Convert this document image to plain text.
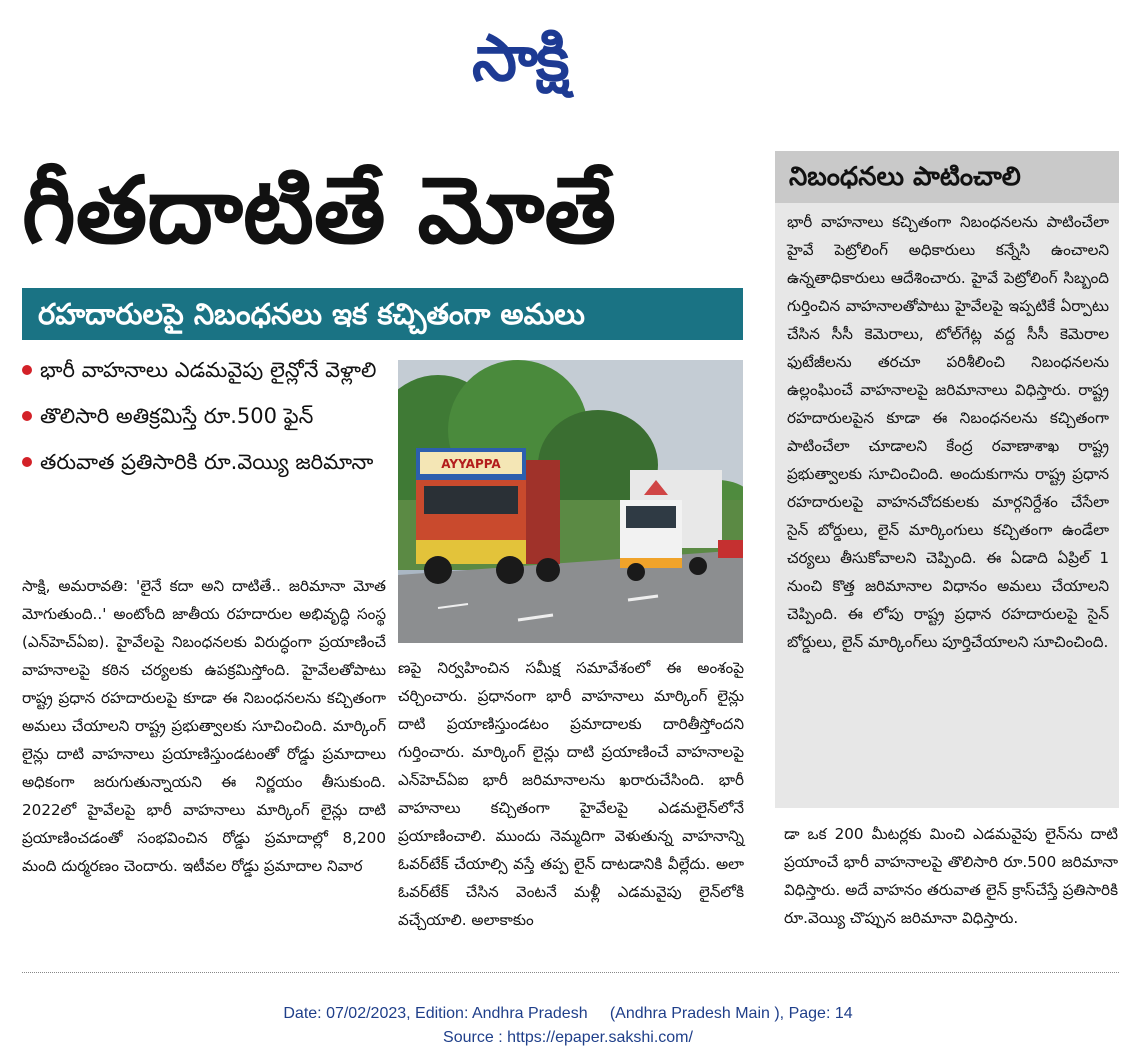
సాక్షి
గీతదాటితే మోతే
రహదారులపై నిబంధనలు ఇక కచ్చితంగా అమలు
భారీ వాహనాలు ఎడమవైపు లైన్లోనే వెళ్లాలి
తొలిసారి అతిక్రమిస్తే రూ.500 ఫైన్
తరువాత ప్రతిసారికి రూ.వెయ్యి జరిమానా	AYYAPPA
సాక్షి, అమరావతి: 'లైనే కదా అని దాటితే.. జరిమానా మోత మోగుతుంది..' అంటోంది జాతీయ రహదారుల అభివృద్ధి సంస్థ (ఎన్‌హెచ్‌ఏఐ). హైవేలపై నిబంధనలకు విరుద్ధంగా ప్రయాణించే వాహనాలపై కఠిన చర్యలకు ఉపక్రమిస్తోంది. హైవేలతోపాటు రాష్ట్ర ప్రధాన రహదారులపై కూడా ఈ నిబంధనలను కచ్చితంగా అమలు చేయాలని రాష్ట్ర ప్రభుత్వాలకు సూచించింది. మార్కింగ్ లైన్లు దాటి వాహనాలు ప్రయాణిస్తుండటంతో రోడ్డు ప్రమాదాలు అధికంగా జరుగుతున్నాయని ఈ నిర్ణయం తీసుకుంది. 2022లో హైవేలపై భారీ వాహనాలు మార్కింగ్ లైన్లు దాటి ప్రయాణించడంతో సంభవించిన రోడ్డు ప్రమాదాల్లో 8,200 మంది దుర్మరణం చెందారు. ఇటీవల రోడ్డు ప్రమాదాల నివార
ణపై నిర్వహించిన సమీక్ష సమావేశంలో ఈ అంశంపై చర్చించారు. ప్రధానంగా భారీ వాహనాలు మార్కింగ్ లైన్లు దాటి ప్రయాణిస్తుండటం ప్రమాదాలకు దారితీస్తోందని గుర్తించారు. మార్కింగ్ లైన్లు దాటి ప్రయాణించే వాహనాలపై ఎన్‌హెచ్‌ఏఐ భారీ జరిమానాలను ఖరారుచేసింది. భారీ వాహనాలు కచ్చితంగా హైవేలపై ఎడమలైన్‌లోనే ప్రయాణించాలి. ముందు నెమ్మదిగా వెళుతున్న వాహనాన్ని ఓవర్‌టేక్ చేయాల్సి వస్తే తప్ప లైన్ దాటడానికి వీల్లేదు. అలా ఓవర్‌టేక్ చేసిన వెంటనే మళ్లీ ఎడమవైపు లైన్‌లోకి వచ్చేయాలి. అలాకాకుం
నిబంధనలు పాటించాలి
భారీ వాహనాలు కచ్చితంగా నిబంధనలను పాటించేలా హైవే పెట్రోలింగ్ అధికారులు కన్నేసి ఉంచాలని ఉన్నతాధికారులు ఆదేశించారు. హైవే పెట్రోలింగ్ సిబ్బంది గుర్తించిన వాహనాలతోపాటు హైవేలపై ఇప్పటికే ఏర్పాటు చేసిన సీసీ కెమెరాలు, టోల్‌గేట్ల వద్ద సీసీ కెమెరాల ఫుటేజీలను తరచూ పరిశీలించి నిబంధనలను ఉల్లంఘించే వాహనాలపై జరిమానాలు విధిస్తారు. రాష్ట్ర రహదారులపైన కూడా ఈ నిబంధనలను కచ్చితంగా పాటించేలా చూడాలని కేంద్ర రవాణాశాఖ రాష్ట్ర ప్రభుత్వాలకు సూచించింది. అందుకుగాను రాష్ట్ర ప్రధాన రహదారులపై వాహనచోదకులకు మార్గనిర్దేశం చేసేలా సైన్ బోర్డులు, లైన్ మార్కింగులు కచ్చితంగా ఉండేలా చర్యలు తీసుకోవాలని చెప్పింది. ఈ ఏడాది ఏప్రిల్ 1 నుంచి కొత్త జరిమానాల విధానం అమలు చేయాలని చెప్పింది. ఈ లోపు రాష్ట్ర ప్రధాన రహదారులపై సైన్ బోర్డులు, లైన్ మార్కింగ్‌లు పూర్తిచేయాలని సూచించింది.
డా ఒక 200 మీటర్లకు మించి ఎడమవైపు లైన్‌ను దాటి ప్రయాంచే భారీ వాహనాలపై తొలిసారి రూ.500 జరిమానా విధిస్తారు. అదే వాహనం తరువాత లైన్ క్రాస్‌చేస్తే ప్రతిసారికి రూ.వెయ్యి చొప్పున జరిమానా విధిస్తారు.
Date: 07/02/2023, Edition: Andhra Pradesh     (Andhra Pradesh Main ), Page: 14
Source : https://epaper.sakshi.com/
